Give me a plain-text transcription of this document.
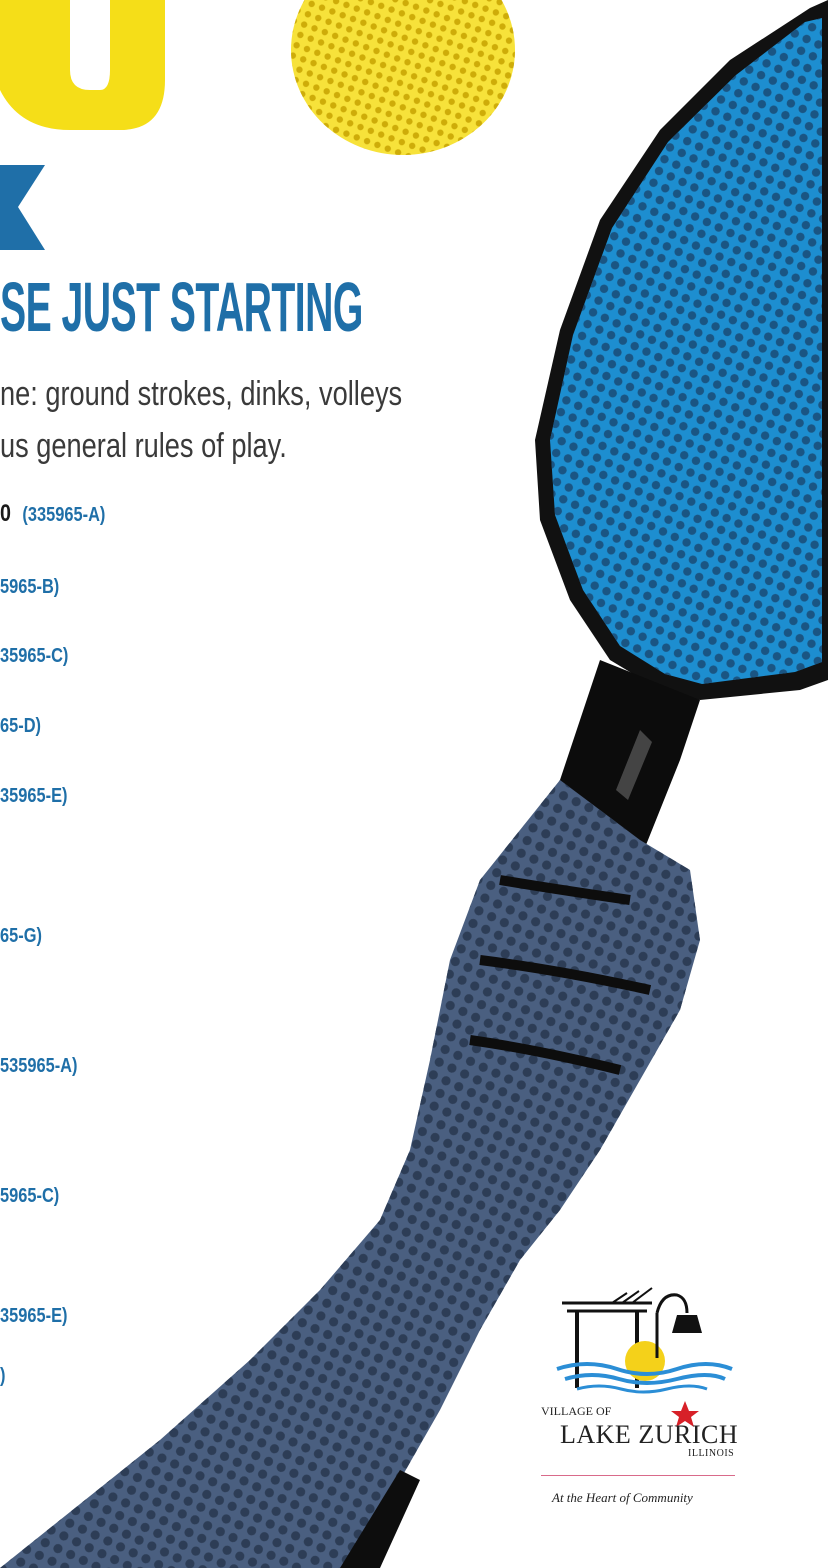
SE JUST STARTING
ne: ground strokes, dinks, volleys
us general rules of play.

0 (335965-A)

5965-B)

35965-C)

65-D)

35965-E)

65-G)

535965-A)

5965-C)

35965-E)

)

VILLAGE OF
LAKE ZURICH
ILLINOIS
At the Heart of Community
